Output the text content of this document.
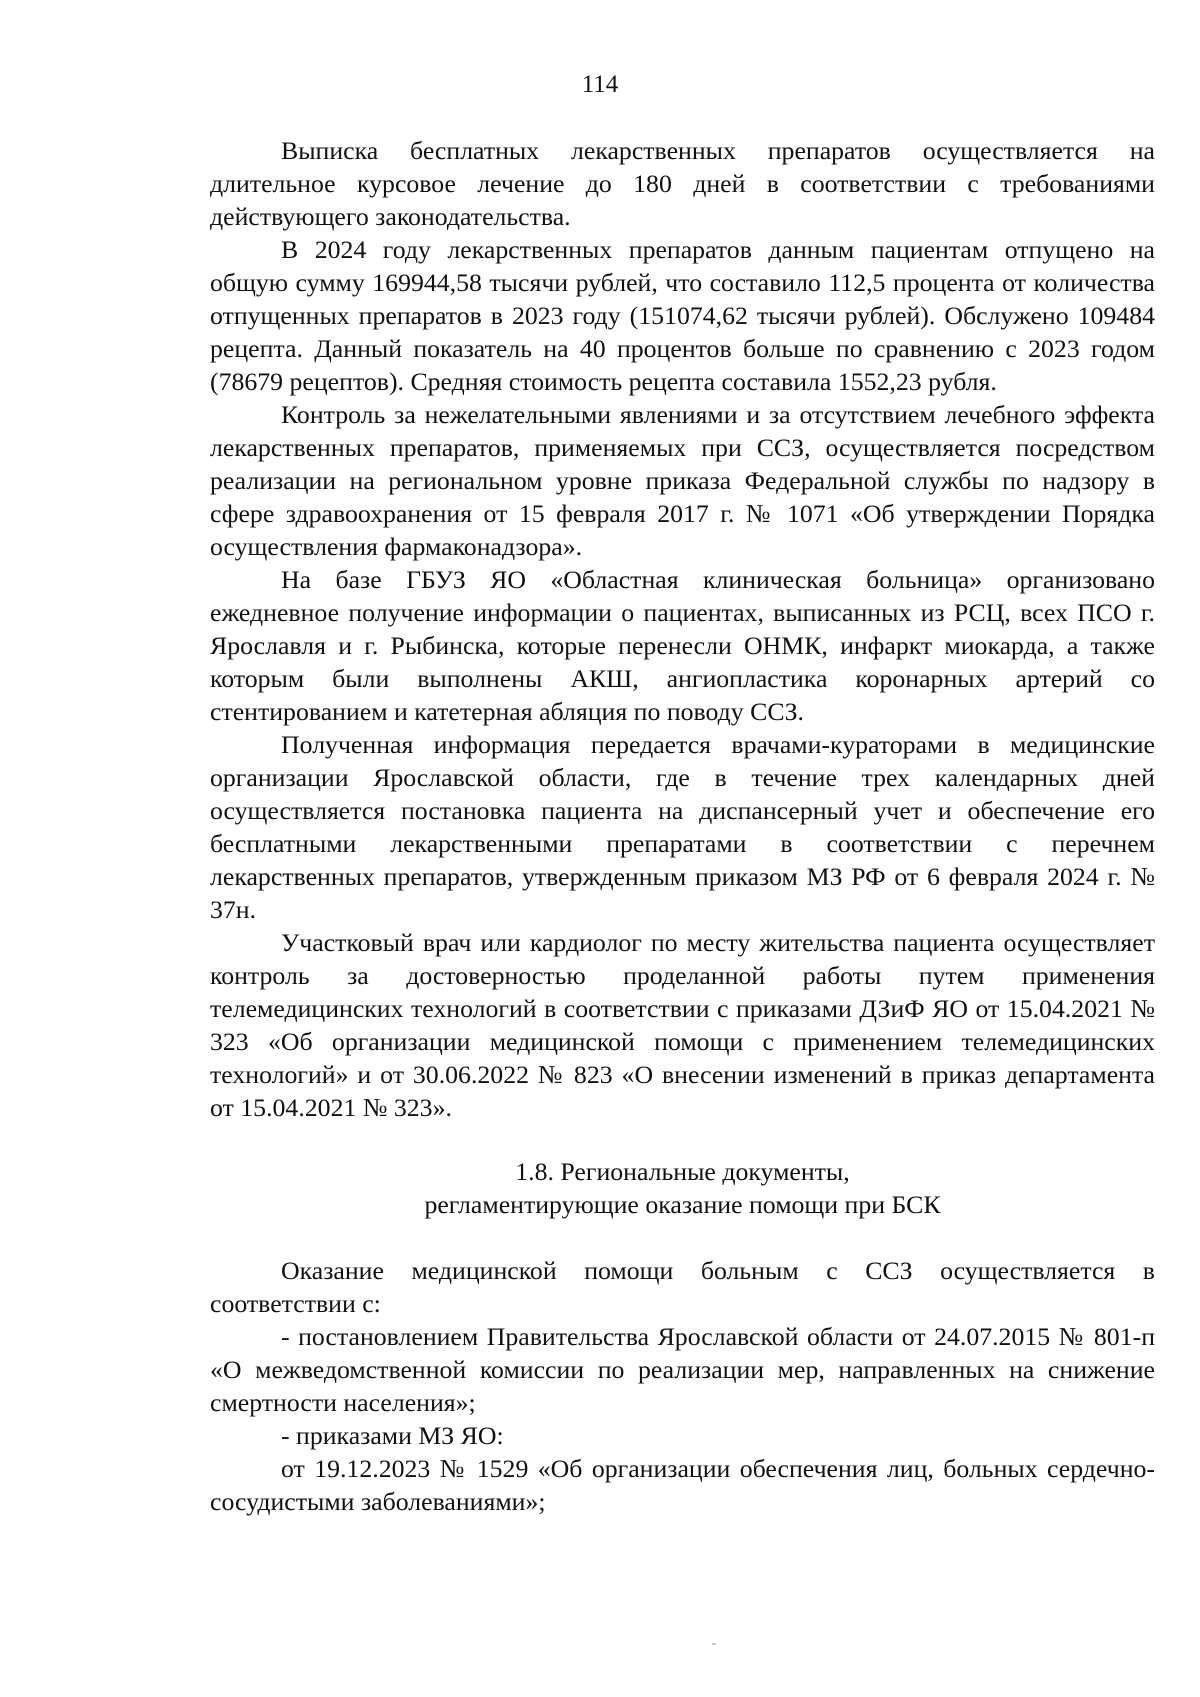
114

Выписка бесплатных лекарственных препаратов осуществляется на длительное курсовое лечение до 180 дней в соответствии с требованиями действующего законодательства.

В 2024 году лекарственных препаратов данным пациентам отпущено на общую сумму 169944,58 тысячи рублей, что составило 112,5 процента от количества отпущенных препаратов в 2023 году (151074,62 тысячи рублей). Обслужено 109484 рецепта. Данный показатель на 40 процентов больше по сравнению с 2023 годом (78679 рецептов). Средняя стоимость рецепта составила 1552,23 рубля.

Контроль за нежелательными явлениями и за отсутствием лечебного эффекта лекарственных препаратов, применяемых при ССЗ, осуществляется посредством реализации на региональном уровне приказа Федеральной службы по надзору в сфере здравоохранения от 15 февраля 2017 г. № 1071 «Об утверждении Порядка осуществления фармаконадзора».

На базе ГБУЗ ЯО «Областная клиническая больница» организовано ежедневное получение информации о пациентах, выписанных из РСЦ, всех ПСО г. Ярославля и г. Рыбинска, которые перенесли ОНМК, инфаркт миокарда, а также которым были выполнены АКШ, ангиопластика коронарных артерий со стентированием и катетерная абляция по поводу ССЗ.

Полученная информация передается врачами-кураторами в медицинские организации Ярославской области, где в течение трех календарных дней осуществляется постановка пациента на диспансерный учет и обеспечение его бесплатными лекарственными препаратами в соответствии с перечнем лекарственных препаратов, утвержденным приказом МЗ РФ от 6 февраля 2024 г. № 37н.

Участковый врач или кардиолог по месту жительства пациента осуществляет контроль за достоверностью проделанной работы путем применения телемедицинских технологий в соответствии с приказами ДЗиФ ЯО от 15.04.2021 № 323 «Об организации медицинской помощи с применением телемедицинских технологий» и от 30.06.2022 № 823 «О внесении изменений в приказ департамента от 15.04.2021 № 323».

1.8. Региональные документы,
регламентирующие оказание помощи при БСК

Оказание медицинской помощи больным с ССЗ осуществляется в соответствии с:

- постановлением Правительства Ярославской области от 24.07.2015 № 801-п «О межведомственной комиссии по реализации мер, направленных на снижение смертности населения»;

- приказами МЗ ЯО:

от 19.12.2023 № 1529 «Об организации обеспечения лиц, больных сердечно-сосудистыми заболеваниями»;
